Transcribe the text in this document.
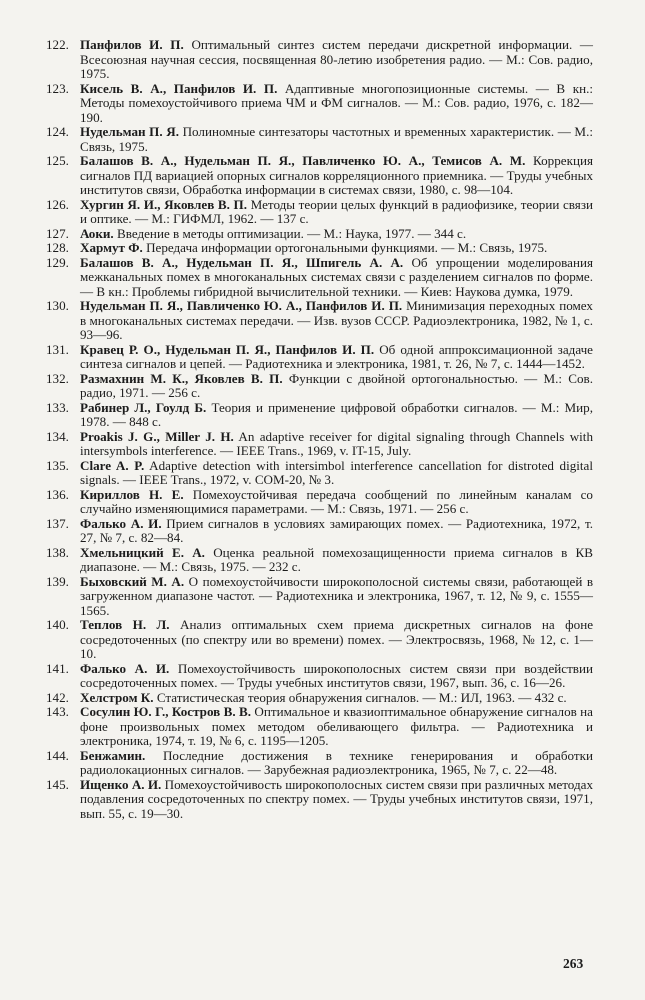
122. Панфилов И. П. Оптимальный синтез систем передачи дискретной информации. — Всесоюзная научная сессия, посвященная 80-летию изобретения радио. — М.: Сов. радио, 1975.

123. Кисель В. А., Панфилов И. П. Адаптивные многопозиционные системы. — В кн.: Методы помехоустойчивого приема ЧМ и ФМ сигналов. — М.: Сов. радио, 1976, с. 182—190.

124. Нудельман П. Я. Полиномные синтезаторы частотных и временных характеристик. — М.: Связь, 1975.

125. Балашов В. А., Нудельман П. Я., Павличенко Ю. А., Темисов А. М. Коррекция сигналов ПД вариацией опорных сигналов корреляционного приемника. — Труды учебных институтов связи, Обработка информации в системах связи, 1980, с. 98—104.

126. Хургин Я. И., Яковлев В. П. Методы теории целых функций в радиофизике, теории связи и оптике. — М.: ГИФМЛ, 1962. — 137 с.

127. Аоки. Введение в методы оптимизации. — М.: Наука, 1977. — 344 с.

128. Хармут Ф. Передача информации ортогональными функциями. — М.: Связь, 1975.

129. Балашов В. А., Нудельман П. Я., Шпигель А. А. Об упрощении моделирования межканальных помех в многоканальных системах связи с разделением сигналов по форме. — В кн.: Проблемы гибридной вычислительной техники. — Киев: Наукова думка, 1979.

130. Нудельман П. Я., Павличенко Ю. А., Панфилов И. П. Минимизация переходных помех в многоканальных системах передачи. — Изв. вузов СССР. Радиоэлектроника, 1982, № 1, с. 93—96.

131. Кравец Р. О., Нудельман П. Я., Панфилов И. П. Об одной аппроксимационной задаче синтеза сигналов и цепей. — Радиотехника и электроника, 1981, т. 26, № 7, с. 1444—1452.

132. Размахнин М. К., Яковлев В. П. Функции с двойной ортогональностью. — М.: Сов. радио, 1971. — 256 с.

133. Рабинер Л., Гоулд Б. Теория и применение цифровой обработки сигналов. — М.: Мир, 1978. — 848 с.

134. Proakis J. G., Miller J. H. An adaptive receiver for digital signaling through Channels with intersymbols interference. — IEEE Trans., 1969, v. IT-15, July.

135. Clare A. P. Adaptive detection with intersimbol interference cancellation for distroted digital signals. — IEEE Trans., 1972, v. COM-20, № 3.

136. Кириллов Н. Е. Помехоустойчивая передача сообщений по линейным каналам со случайно изменяющимися параметрами. — М.: Связь, 1971. — 256 с.

137. Фалько А. И. Прием сигналов в условиях замирающих помех. — Радиотехника, 1972, т. 27, № 7, с. 82—84.

138. Хмельницкий Е. А. Оценка реальной помехозащищенности приема сигналов в КВ диапазоне. — М.: Связь, 1975. — 232 с.

139. Быховский М. А. О помехоустойчивости широкополосной системы связи, работающей в загруженном диапазоне частот. — Радиотехника и электроника, 1967, т. 12, № 9, с. 1555—1565.

140. Теплов Н. Л. Анализ оптимальных схем приема дискретных сигналов на фоне сосредоточенных (по спектру или во времени) помех. — Электросвязь, 1968, № 12, с. 1—10.

141. Фалько А. И. Помехоустойчивость широкополосных систем связи при воздействии сосредоточенных помех. — Труды учебных институтов связи, 1967, вып. 36, с. 16—26.

142. Хелстром К. Статистическая теория обнаружения сигналов. — М.: ИЛ, 1963. — 432 с.

143. Сосулин Ю. Г., Костров В. В. Оптимальное и квазиоптимальное обнаружение сигналов на фоне произвольных помех методом обеливающего фильтра. — Радиотехника и электроника, 1974, т. 19, № 6, с. 1195—1205.

144. Бенжамин. Последние достижения в технике генерирования и обработки радиолокационных сигналов. — Зарубежная радиоэлектроника, 1965, № 7, с. 22—48.

145. Ищенко А. И. Помехоустойчивость широкополосных систем связи при различных методах подавления сосредоточенных по спектру помех. — Труды учебных институтов связи, 1971, вып. 55, с. 19—30.

263
